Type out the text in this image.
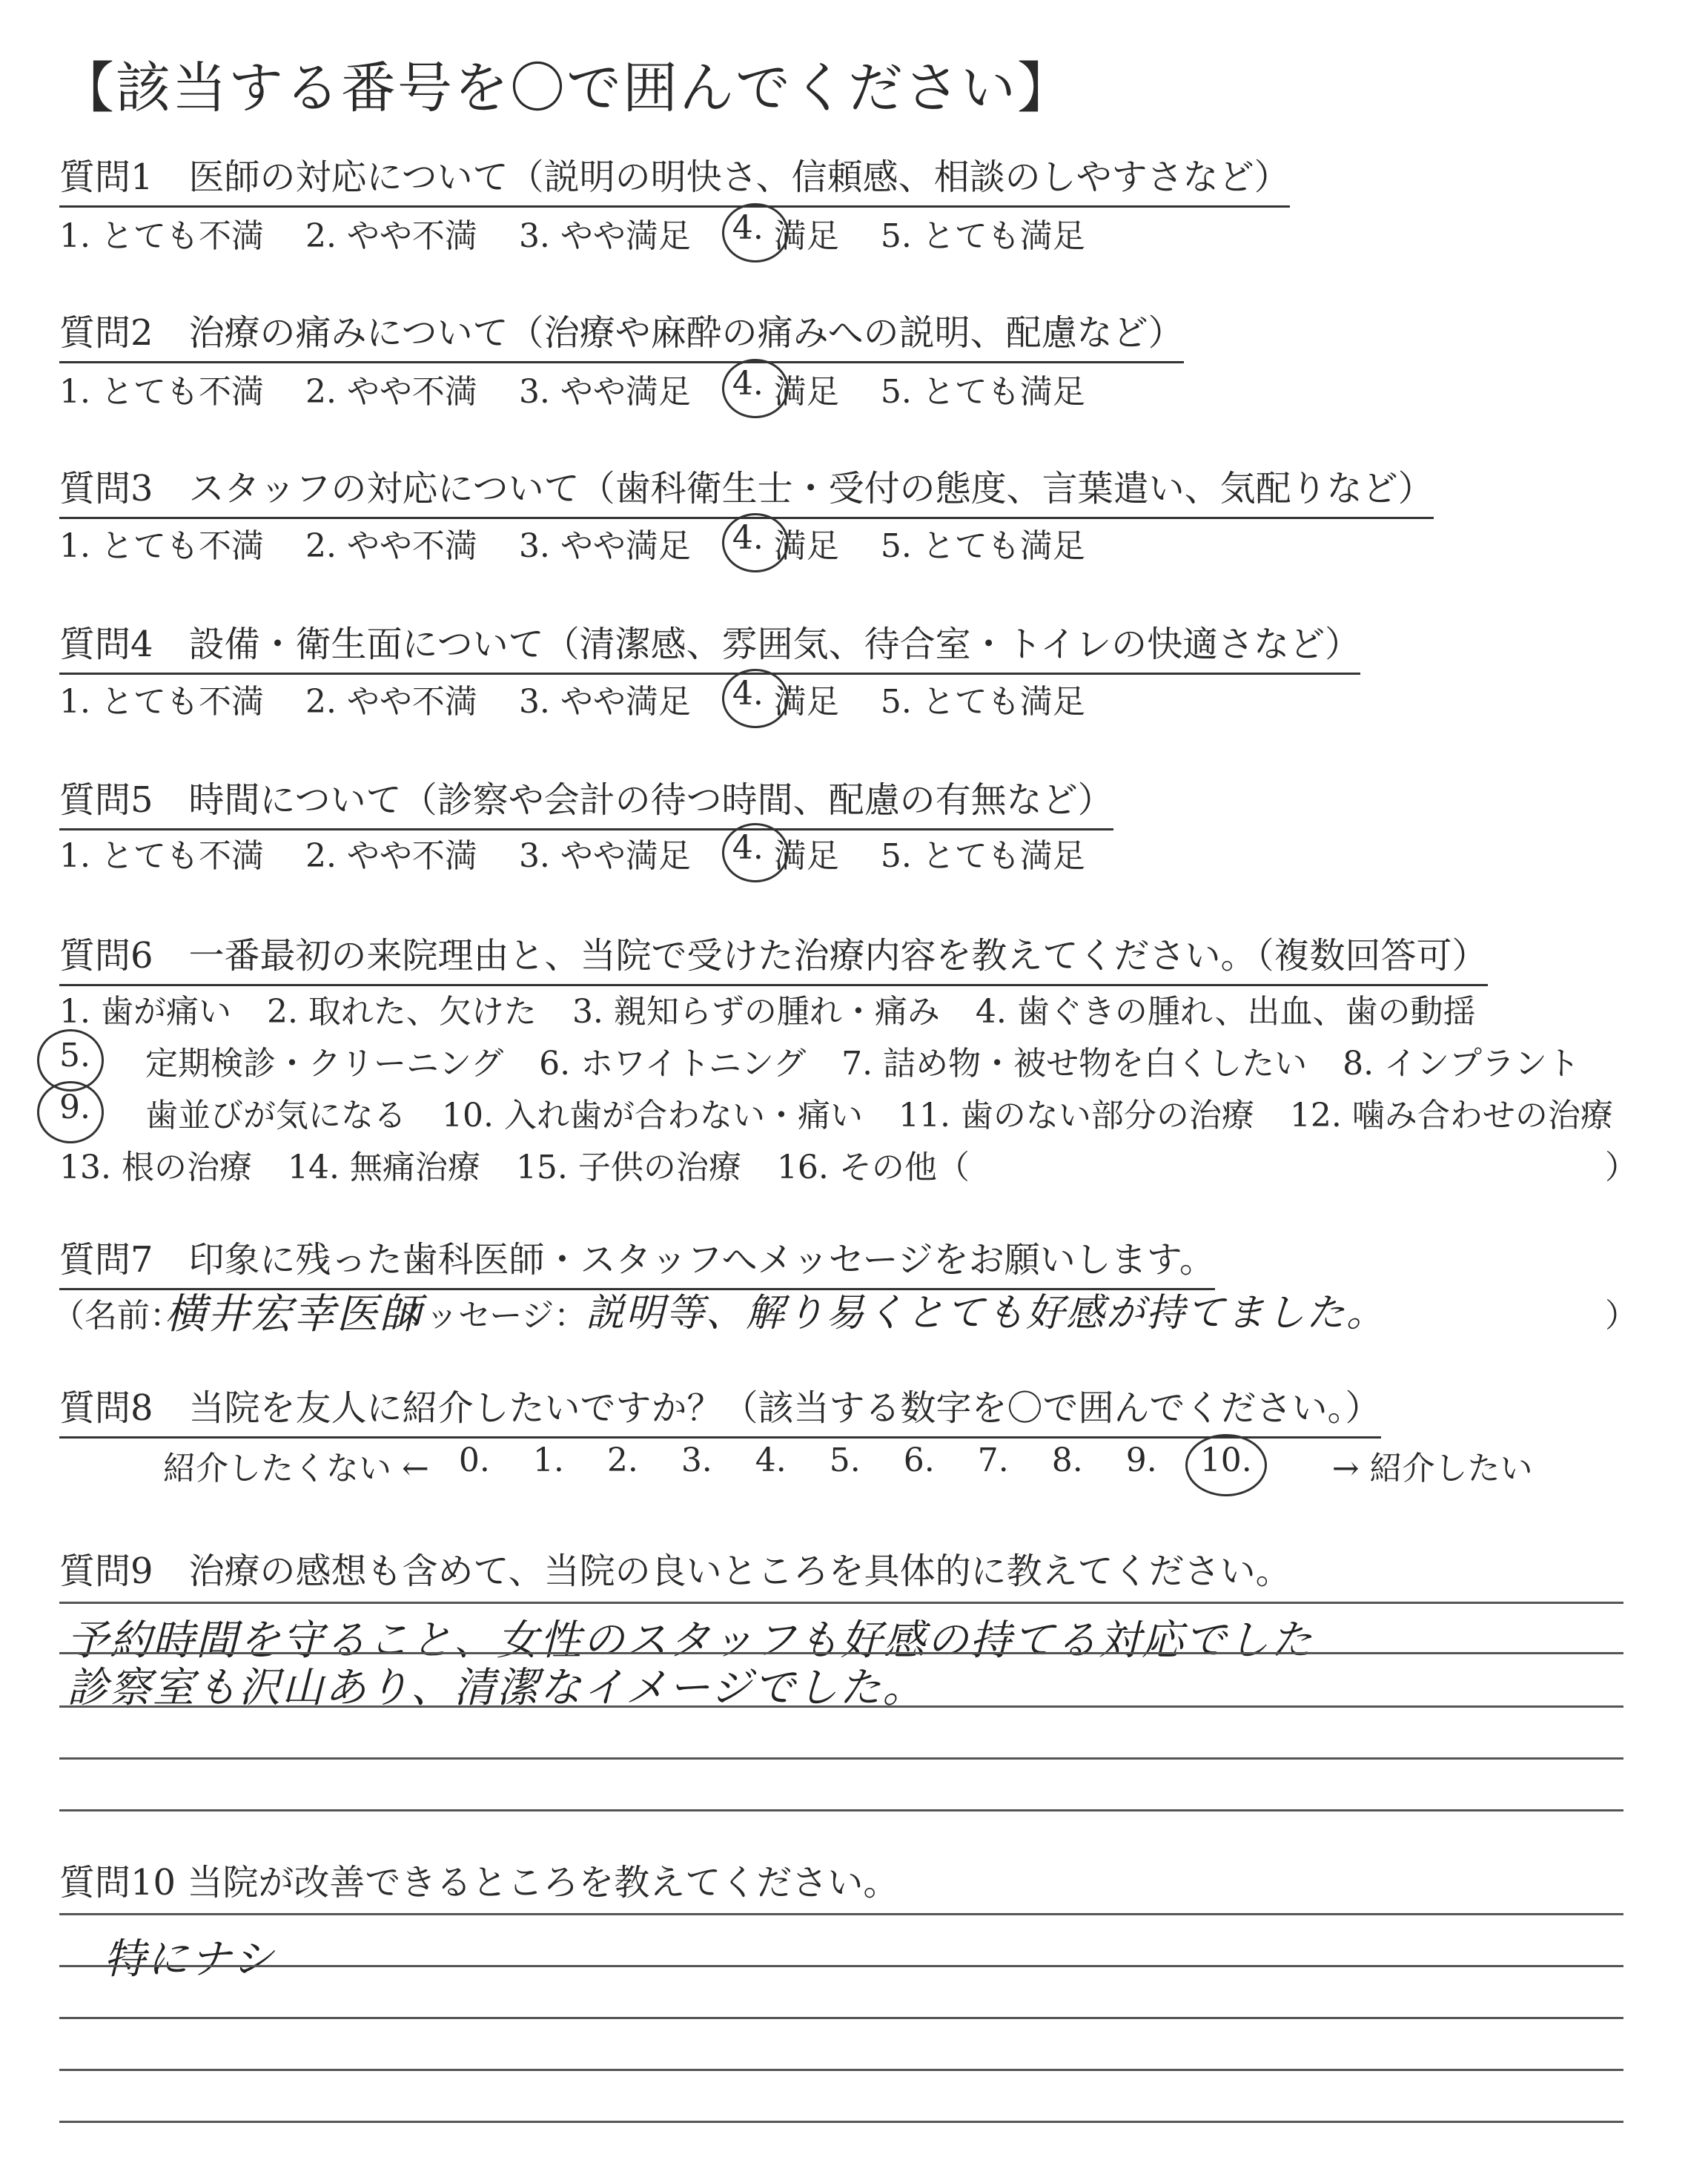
【該当する番号を〇で囲んでください】
質問1　医師の対応について（説明の明快さ、信頼感、相談のしやすさなど）
1. とても不満 2. やや不満 3. やや満足 4. 満足 5. とても満足
質問2　治療の痛みについて（治療や麻酔の痛みへの説明、配慮など）
1. とても不満 2. やや不満 3. やや満足 4. 満足 5. とても満足
質問3　スタッフの対応について（歯科衛生士・受付の態度、言葉遣い、気配りなど）
1. とても不満 2. やや不満 3. やや満足 4. 満足 5. とても満足
質問4　設備・衛生面について（清潔感、雰囲気、待合室・トイレの快適さなど）
1. とても不満 2. やや不満 3. やや満足 4. 満足 5. とても満足
質問5　時間について（診察や会計の待つ時間、配慮の有無など）
1. とても不満 2. やや不満 3. やや満足 4. 満足 5. とても満足
質問6　一番最初の来院理由と、当院で受けた治療内容を教えてください。（複数回答可）
1. 歯が痛い 2. 取れた、欠けた 3. 親知らずの腫れ・痛み 4. 歯ぐきの腫れ、出血、歯の動揺
5.	定期検診・クリーニング 6. ホワイトニング 7. 詰め物・被せ物を白くしたい 8. インプラント
9.	歯並びが気になる 10. 入れ歯が合わない・痛い 11. 歯のない部分の治療 12. 噛み合わせの治療
13. 根の治療 14. 無痛治療 15. 子供の治療 16. その他（	）
質問7　印象に残った歯科医師・スタッフへメッセージをお願いします。
（名前：
横井宏幸医師
メッセージ：
説明等、解り易くとても好感が持てました。	）
質問8　当院を友人に紹介したいですか？（該当する数字を〇で囲んでください。）
紹介したくない ← 0. 1. 2. 3. 4. 5. 6. 7. 8. 9. 10.	→ 紹介したい
質問9　治療の感想も含めて、当院の良いところを具体的に教えてください。
予約時間を守ること、女性のスタッフも好感の持てる対応でした
診察室も沢山あり、清潔なイメージでした。
質問10 当院が改善できるところを教えてください。
特にナシ
